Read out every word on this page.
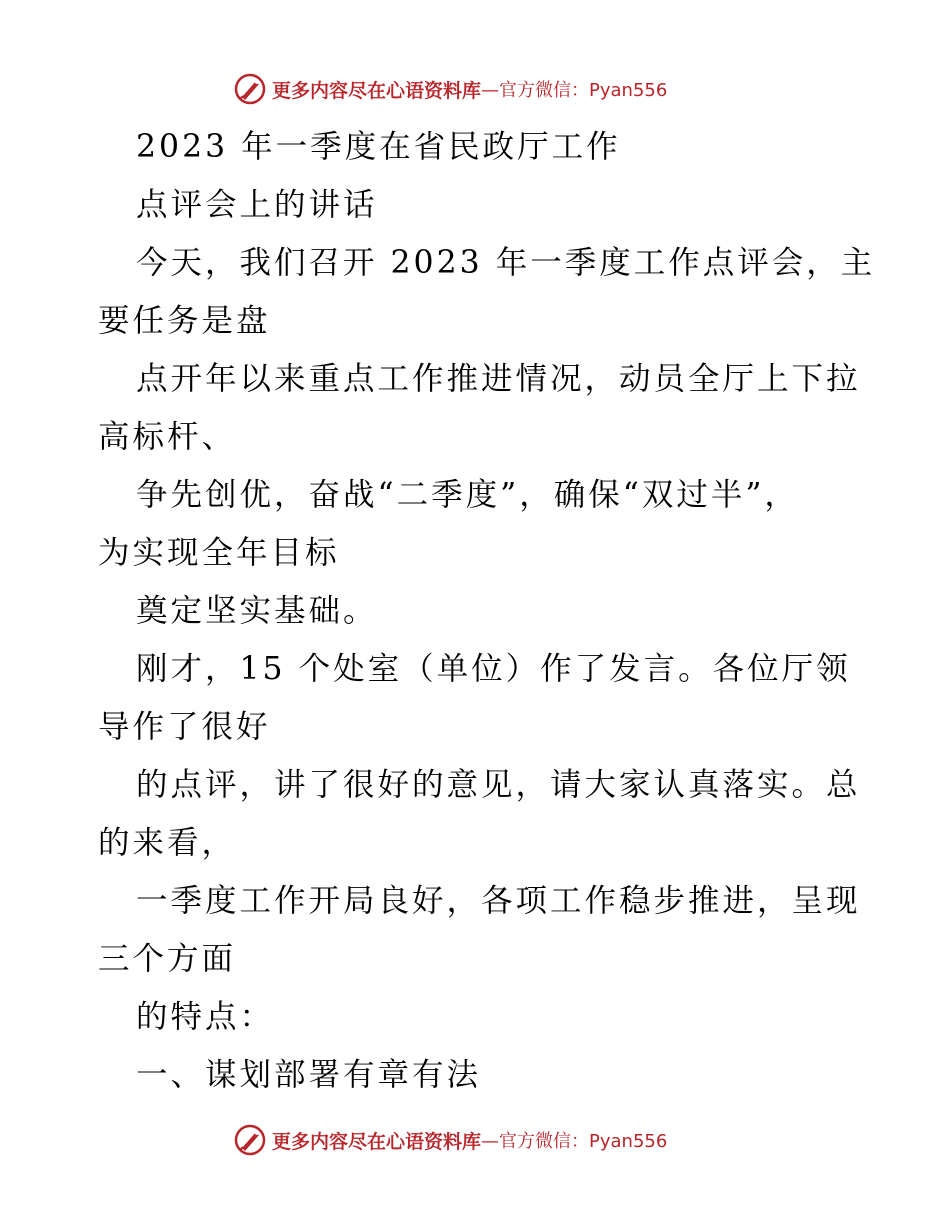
更多内容尽在心语资料库 —官方微信：Pyan556
2023 年一季度在省民政厅工作
点评会上的讲话
今天，我们召开 2023 年一季度工作点评会，主
要任务是盘
点开年以来重点工作推进情况，动员全厅上下拉
高标杆、
争先创优，奋战“二季度”，确保“双过半”，
为实现全年目标
奠定坚实基础。
刚才，15 个处室（单位）作了发言。各位厅领
导作了很好
的点评，讲了很好的意见，请大家认真落实。总
的来看，
一季度工作开局良好，各项工作稳步推进，呈现
三个方面
的特点：
一、谋划部署有章有法
更多内容尽在心语资料库 —官方微信：Pyan556
